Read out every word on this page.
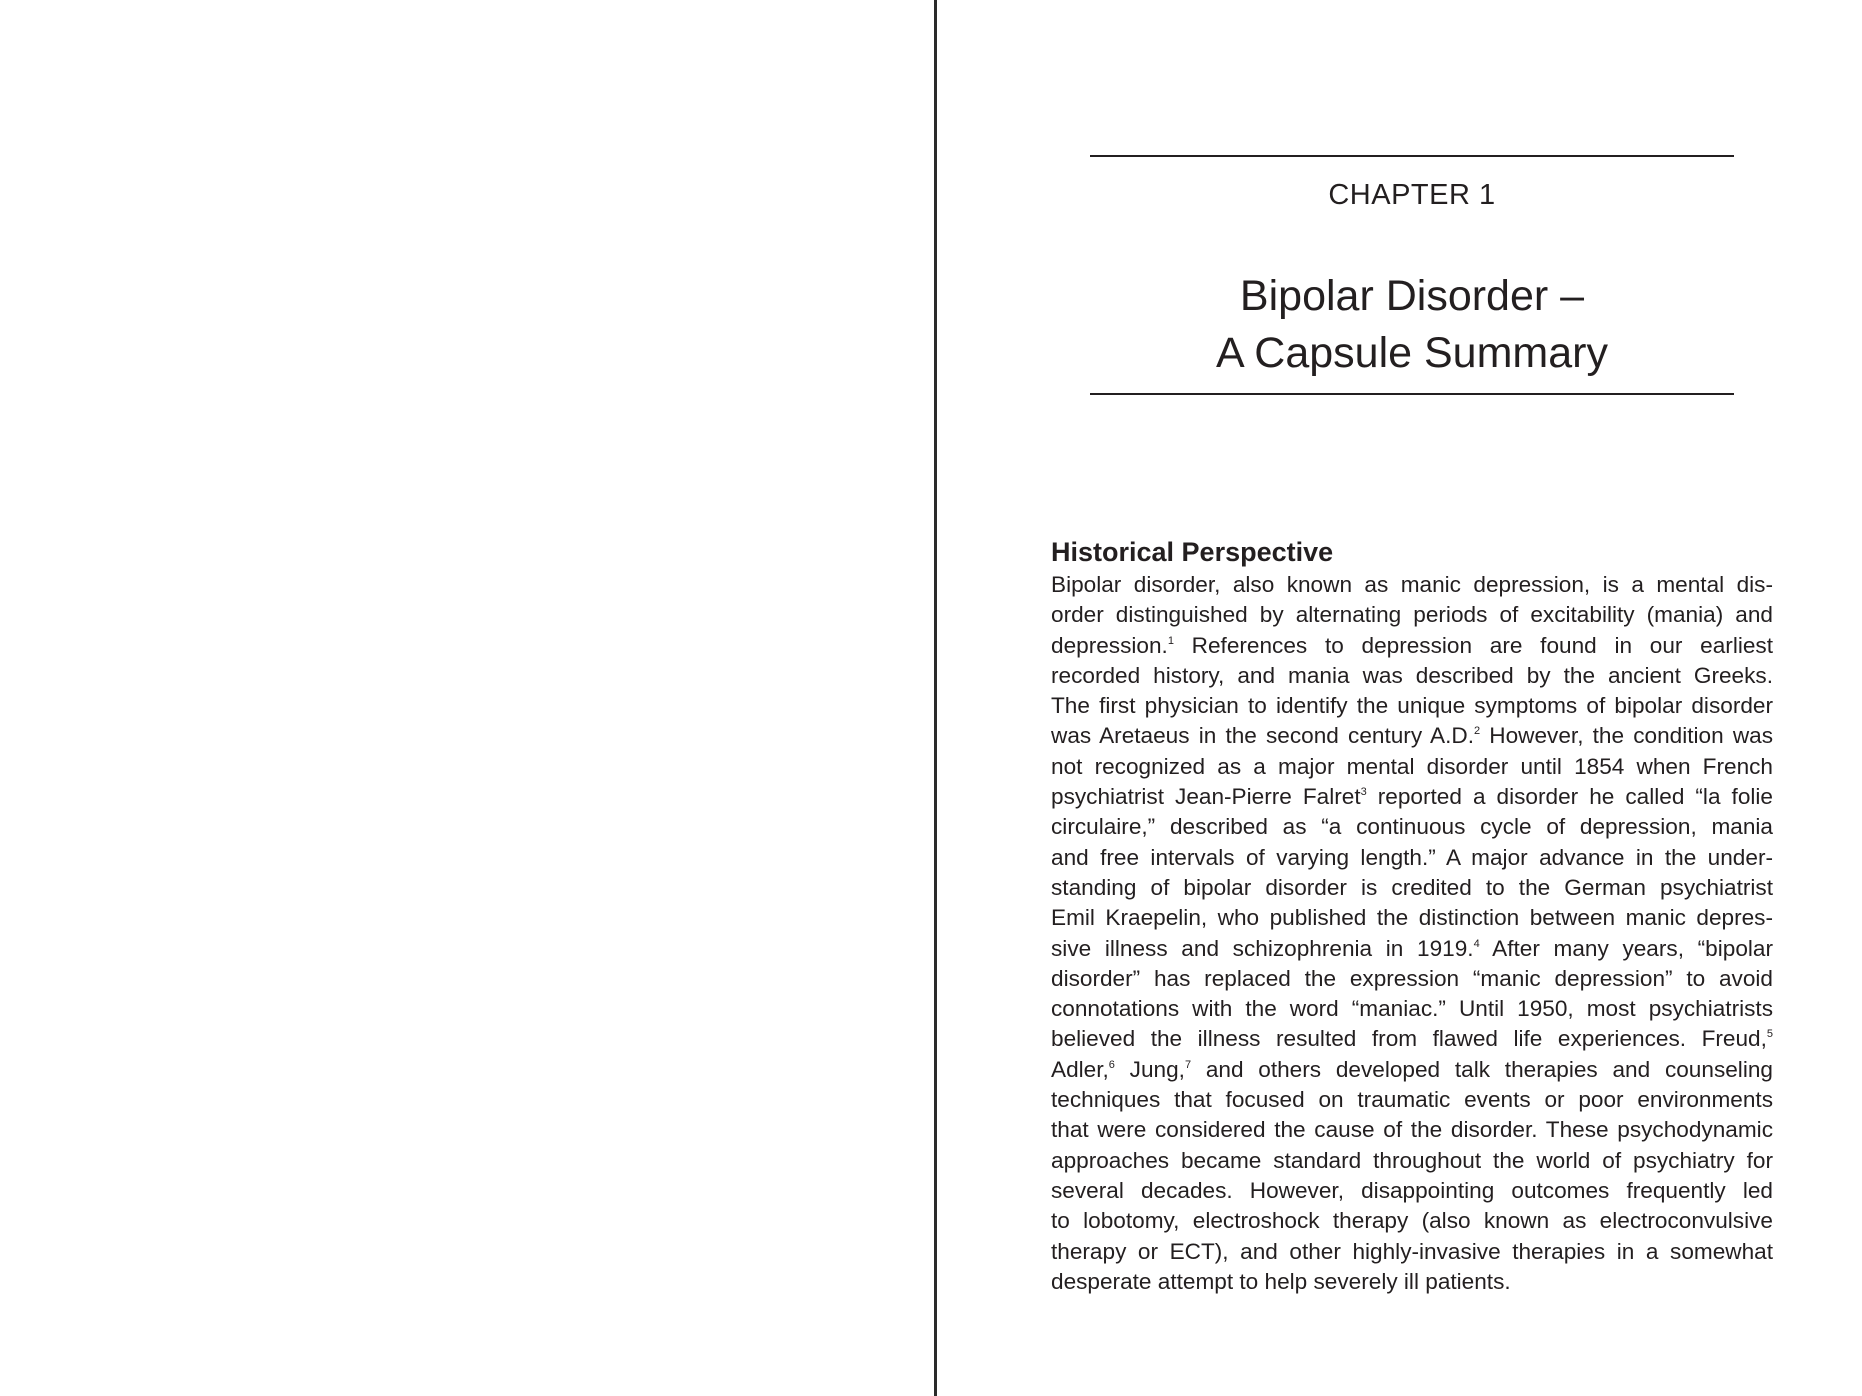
CHAPTER 1
Bipolar Disorder –
A Capsule Summary
Historical Perspective
Bipolar disorder, also known as manic depression, is a mental dis-
order distinguished by alternating periods of excitability (mania) and
depression.$^1$ References to depression are found in our earliest
recorded history, and mania was described by the ancient Greeks.
The first physician to identify the unique symptoms of bipolar disorder
was Aretaeus in the second century A.D.$^2$ However, the condition was
not recognized as a major mental disorder until 1854 when French
psychiatrist Jean-Pierre Falret$^3$ reported a disorder he called “la folie
circulaire,” described as “a continuous cycle of depression, mania
and free intervals of varying length.” A major advance in the under-
standing of bipolar disorder is credited to the German psychiatrist
Emil Kraepelin, who published the distinction between manic depres-
sive illness and schizophrenia in 1919.$^4$ After many years, “bipolar
disorder” has replaced the expression “manic depression” to avoid
connotations with the word “maniac.” Until 1950, most psychiatrists
believed the illness resulted from flawed life experiences. Freud,$^5$
Adler,$^6$ Jung,$^7$ and others developed talk therapies and counseling
techniques that focused on traumatic events or poor environments
that were considered the cause of the disorder. These psychodynamic
approaches became standard throughout the world of psychiatry for
several decades. However, disappointing outcomes frequently led
to lobotomy, electroshock therapy (also known as electroconvulsive
therapy or ECT), and other highly-invasive therapies in a somewhat
desperate attempt to help severely ill patients.
